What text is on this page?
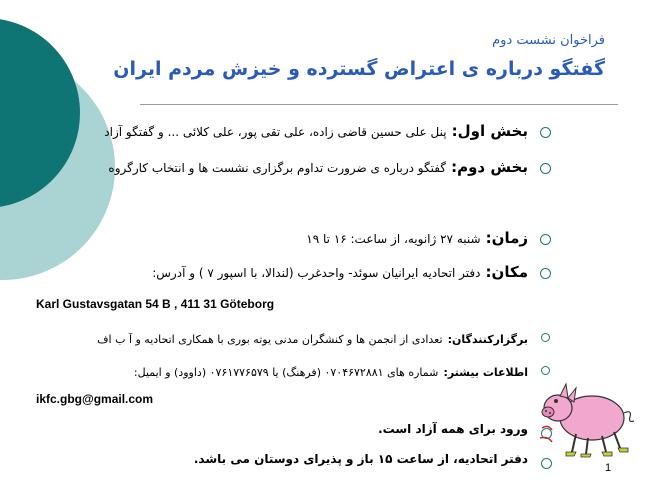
فراخوان نشست دوم
گفتگو درباره ی اعتراض گسترده و خیزش مردم ایران
بخش اول: پنل علی حسین قاضی زاده، علی تقی پور، علی کلائی ... و گفتگو آزاد
بخش دوم: گفتگو درباره ی ضرورت تداوم برگزاری نشست ها و انتخاب کارگروه
زمان: شنبه ۲۷ ژانویه، از ساعت: ۱۶ تا ۱۹
مکان: دفتر اتحادیه ایرانیان سوئد- واحدغرب (لندالا، با اسپور ۷ ) و آدرس:
Karl Gustavsgatan 54 B , 411 31 Göteborg
برگزارکنندگان: تعدادی از انجمن ها و کنشگران مدنی یوته بوری با همکاری اتحادیه و آ ب اف
اطلاعات بیشتر: شماره های ۰۷۰۴۶۷۲۸۸۱ (فرهنگ) یا ۰۷۶۱۷۷۶۵۷۹ (داوود) و ایمیل:
ikfc.gbg@gmail.com
ورود برای همه آزاد است.
دفتر اتحادیه، از ساعت ۱۵ باز و پذیرای دوستان می باشد.
1
